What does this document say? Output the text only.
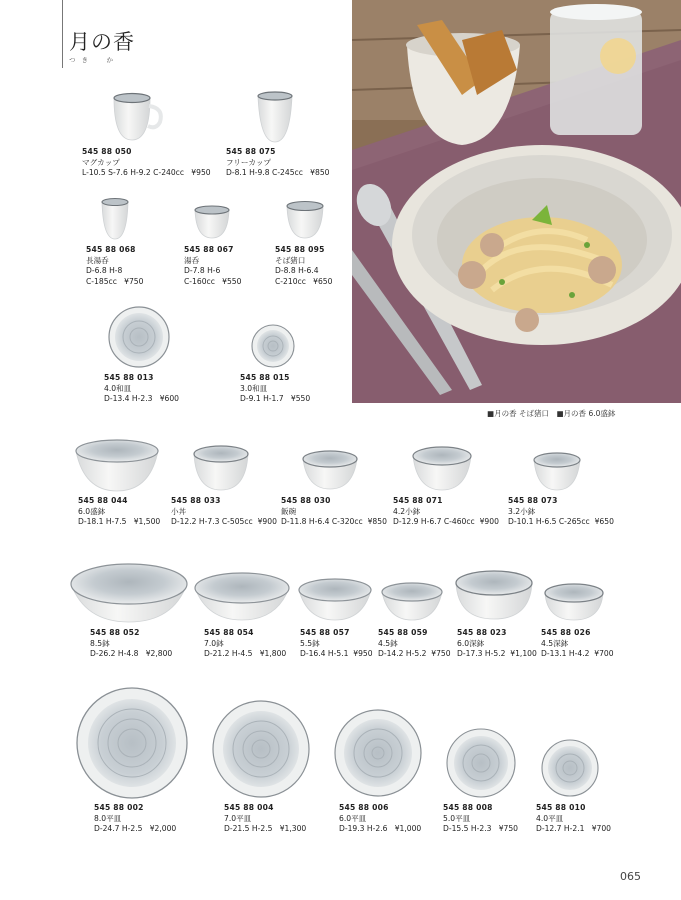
月の香
つき　か
■月の香 そば猪口　■月の香 6.0盛鉢
545 88 050
マグカップ
L-10.5 S-7.6 H-9.2 C-240cc ¥950
545 88 075
フリーカップ
D-8.1 H-9.8 C-245cc ¥850
545 88 068
長湯呑
D-6.8 H-8
C-185cc ¥750
545 88 067
湯呑
D-7.8 H-6
C-160cc ¥550
545 88 095
そば猪口
D-8.8 H-6.4
C-210cc ¥650
545 88 013
4.0和皿
D-13.4 H-2.3 ¥600
545 88 015
3.0和皿
D-9.1 H-1.7 ¥550
545 88 044
6.0盛鉢
D-18.1 H-7.5 ¥1,500
545 88 033
小丼
D-12.2 H-7.3 C-505cc ¥900
545 88 030
飯碗
D-11.8 H-6.4 C-320cc ¥850
545 88 071
4.2小鉢
D-12.9 H-6.7 C-460cc ¥900
545 88 073
3.2小鉢
D-10.1 H-6.5 C-265cc ¥650
545 88 052
8.5鉢
D-26.2 H-4.8 ¥2,800
545 88 054
7.0鉢
D-21.2 H-4.5 ¥1,800
545 88 057
5.5鉢
D-16.4 H-5.1 ¥950
545 88 059
4.5鉢
D-14.2 H-5.2 ¥750
545 88 023
6.0深鉢
D-17.3 H-5.2 ¥1,100
545 88 026
4.5深鉢
D-13.1 H-4.2 ¥700
545 88 002
8.0平皿
D-24.7 H-2.5 ¥2,000
545 88 004
7.0平皿
D-21.5 H-2.5 ¥1,300
545 88 006
6.0平皿
D-19.3 H-2.6 ¥1,000
545 88 008
5.0平皿
D-15.5 H-2.3 ¥750
545 88 010
4.0平皿
D-12.7 H-2.1 ¥700
065
